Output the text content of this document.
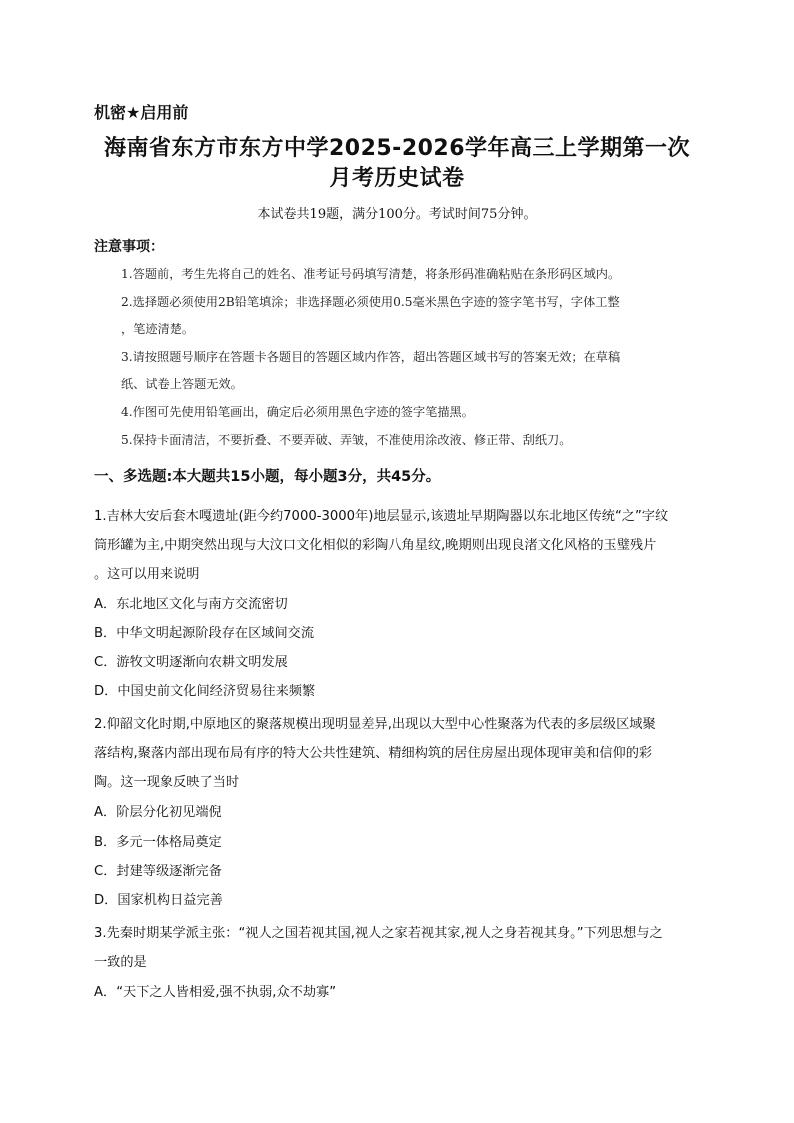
机密★启用前
海南省东方市东方中学2025-2026学年高三上学期第一次
月考历史试卷
本试卷共19题，满分100分。考试时间75分钟。
注意事项：
1.答题前，考生先将自己的姓名、准考证号码填写清楚，将条形码准确粘贴在条形码区域内。
2.选择题必须使用2B铅笔填涂；非选择题必须使用0.5毫米黑色字迹的签字笔书写，字体工整
，笔迹清楚。
3.请按照题号顺序在答题卡各题目的答题区域内作答，超出答题区域书写的答案无效；在草稿
纸、试卷上答题无效。
4.作图可先使用铅笔画出，确定后必须用黑色字迹的签字笔描黑。
5.保持卡面清洁，不要折叠、不要弄破、弄皱，不准使用涂改液、修正带、刮纸刀。
一、多选题:本大题共15小题，每小题3分，共45分。
1.吉林大安后套木嘎遗址(距今约7000-3000年)地层显示,该遗址早期陶器以东北地区传统“之”字纹
筒形罐为主,中期突然出现与大汶口文化相似的彩陶八角星纹,晚期则出现良渚文化风格的玉璧残片
。这可以用来说明
A．东北地区文化与南方交流密切
B．中华文明起源阶段存在区域间交流
C．游牧文明逐渐向农耕文明发展
D．中国史前文化间经济贸易往来频繁
2.仰韶文化时期,中原地区的聚落规模出现明显差异,出现以大型中心性聚落为代表的多层级区域聚
落结构,聚落内部出现布局有序的特大公共性建筑、精细构筑的居住房屋出现体现审美和信仰的彩
陶。这一现象反映了当时
A．阶层分化初见端倪
B．多元一体格局奠定
C．封建等级逐渐完备
D．国家机构日益完善
3.先秦时期某学派主张：“视人之国若视其国,视人之家若视其家,视人之身若视其身。”下列思想与之
一致的是
A．“天下之人皆相爱,强不执弱,众不劫寡”
